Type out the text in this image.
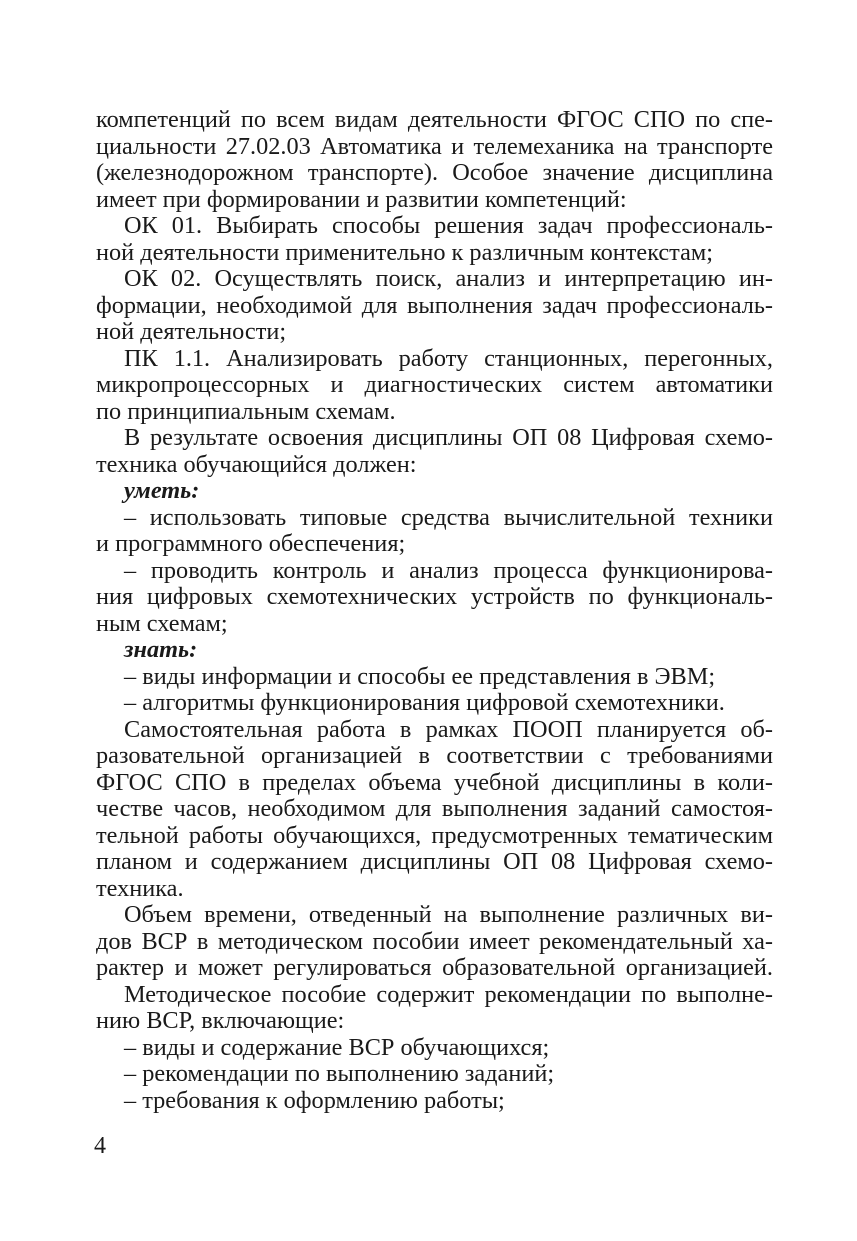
компетенций по всем видам деятельности ФГОС СПО по спе-
циальности 27.02.03 Автоматика и телемеханика на транспорте
(железнодорожном транспорте). Особое значение дисциплина
имеет при формировании и развитии компетенций:
ОК 01. Выбирать способы решения задач профессиональ-
ной деятельности применительно к различным контекстам;
ОК 02. Осуществлять поиск, анализ и интерпретацию ин-
формации, необходимой для выполнения задач профессиональ-
ной деятельности;
ПК 1.1. Анализировать работу станционных, перегонных,
микропроцессорных и диагностических систем автоматики
по принципиальным схемам.
В результате освоения дисциплины ОП 08 Цифровая схемо-
техника обучающийся должен:
уметь:
– использовать типовые средства вычислительной техники
и программного обеспечения;
– проводить контроль и анализ процесса функционирова-
ния цифровых схемотехнических устройств по функциональ-
ным схемам;
знать:
– виды информации и способы ее представления в ЭВМ;
– алгоритмы функционирования цифровой схемотехники.
Самостоятельная работа в рамках ПООП планируется об-
разовательной организацией в соответствии с требованиями
ФГОС СПО в пределах объема учебной дисциплины в коли-
честве часов, необходимом для выполнения заданий самостоя-
тельной работы обучающихся, предусмотренных тематическим
планом и содержанием дисциплины ОП 08 Цифровая схемо-
техника.
Объем времени, отведенный на выполнение различных ви-
дов ВСР в методическом пособии имеет рекомендательный ха-
рактер и может регулироваться образовательной организацией.
Методическое пособие содержит рекомендации по выполне-
нию ВСР, включающие:
– виды и содержание ВСР обучающихся;
– рекомендации по выполнению заданий;
– требования к оформлению работы;
4
